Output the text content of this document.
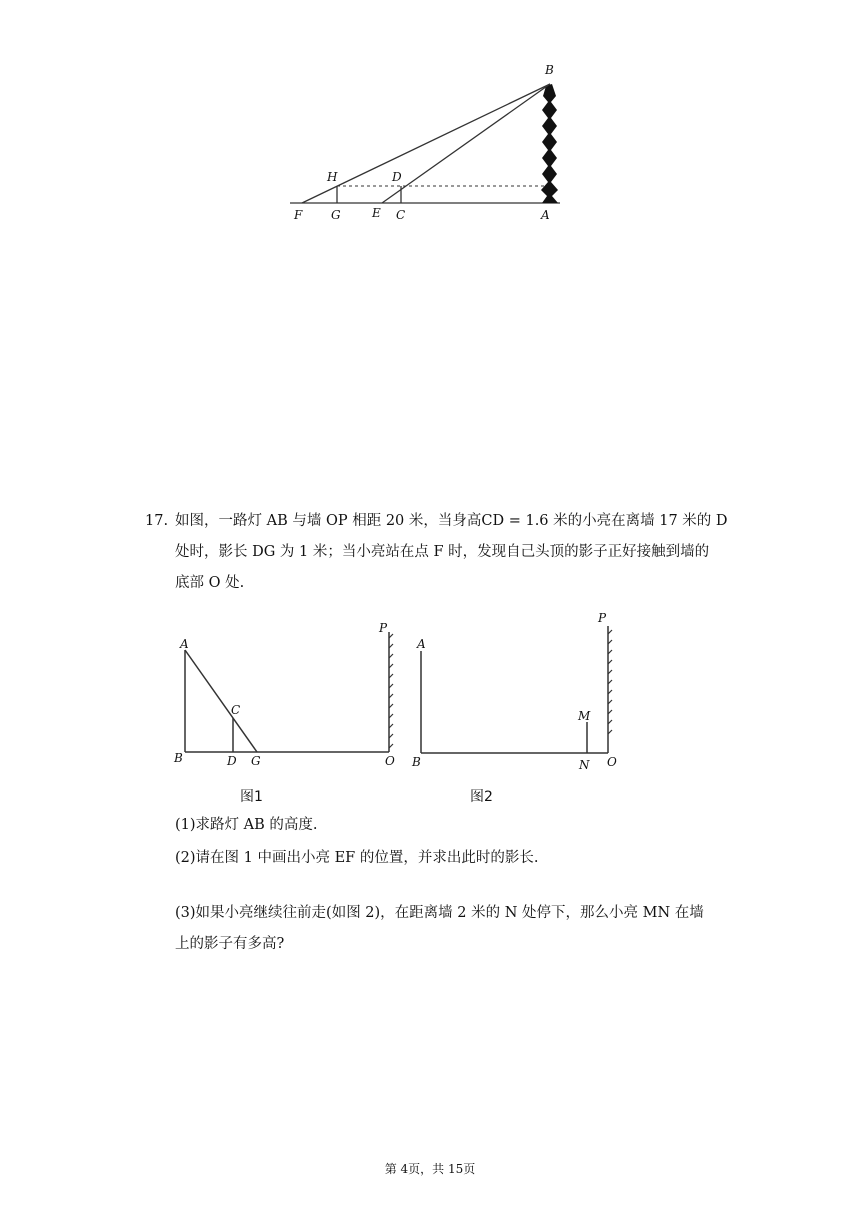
B
H	D
F G	E C	A
17. 如图，一路灯 AB 与墙 OP 相距 20 米，当身高CD = 1.6 米的小亮在离墙 17 米的 D
处时，影长 DG 为 1 米；当小亮站在点 F 时，发现自己头顶的影子正好接触到墙的
底部 O 处.
A
B
C
D G	O
P
图1
A
B
M
N O
P
图2
(1)求路灯 AB 的高度.
(2)请在图 1 中画出小亮 EF 的位置，并求出此时的影长.
(3)如果小亮继续往前走(如图 2)，在距离墙 2 米的 N 处停下，那么小亮 MN 在墙
上的影子有多高?
第 4页，共 15页
